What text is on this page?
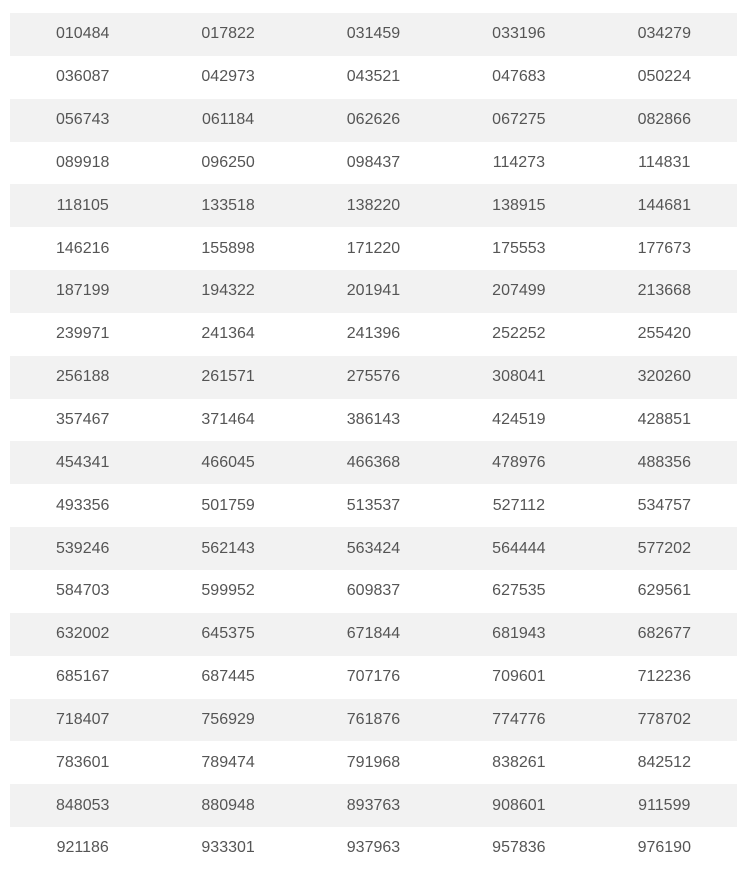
010484	017822	031459	033196	034279
036087	042973	043521	047683	050224
056743	061184	062626	067275	082866
089918	096250	098437	114273	114831
118105	133518	138220	138915	144681
146216	155898	171220	175553	177673
187199	194322	201941	207499	213668
239971	241364	241396	252252	255420
256188	261571	275576	308041	320260
357467	371464	386143	424519	428851
454341	466045	466368	478976	488356
493356	501759	513537	527112	534757
539246	562143	563424	564444	577202
584703	599952	609837	627535	629561
632002	645375	671844	681943	682677
685167	687445	707176	709601	712236
718407	756929	761876	774776	778702
783601	789474	791968	838261	842512
848053	880948	893763	908601	911599
921186	933301	937963	957836	976190
